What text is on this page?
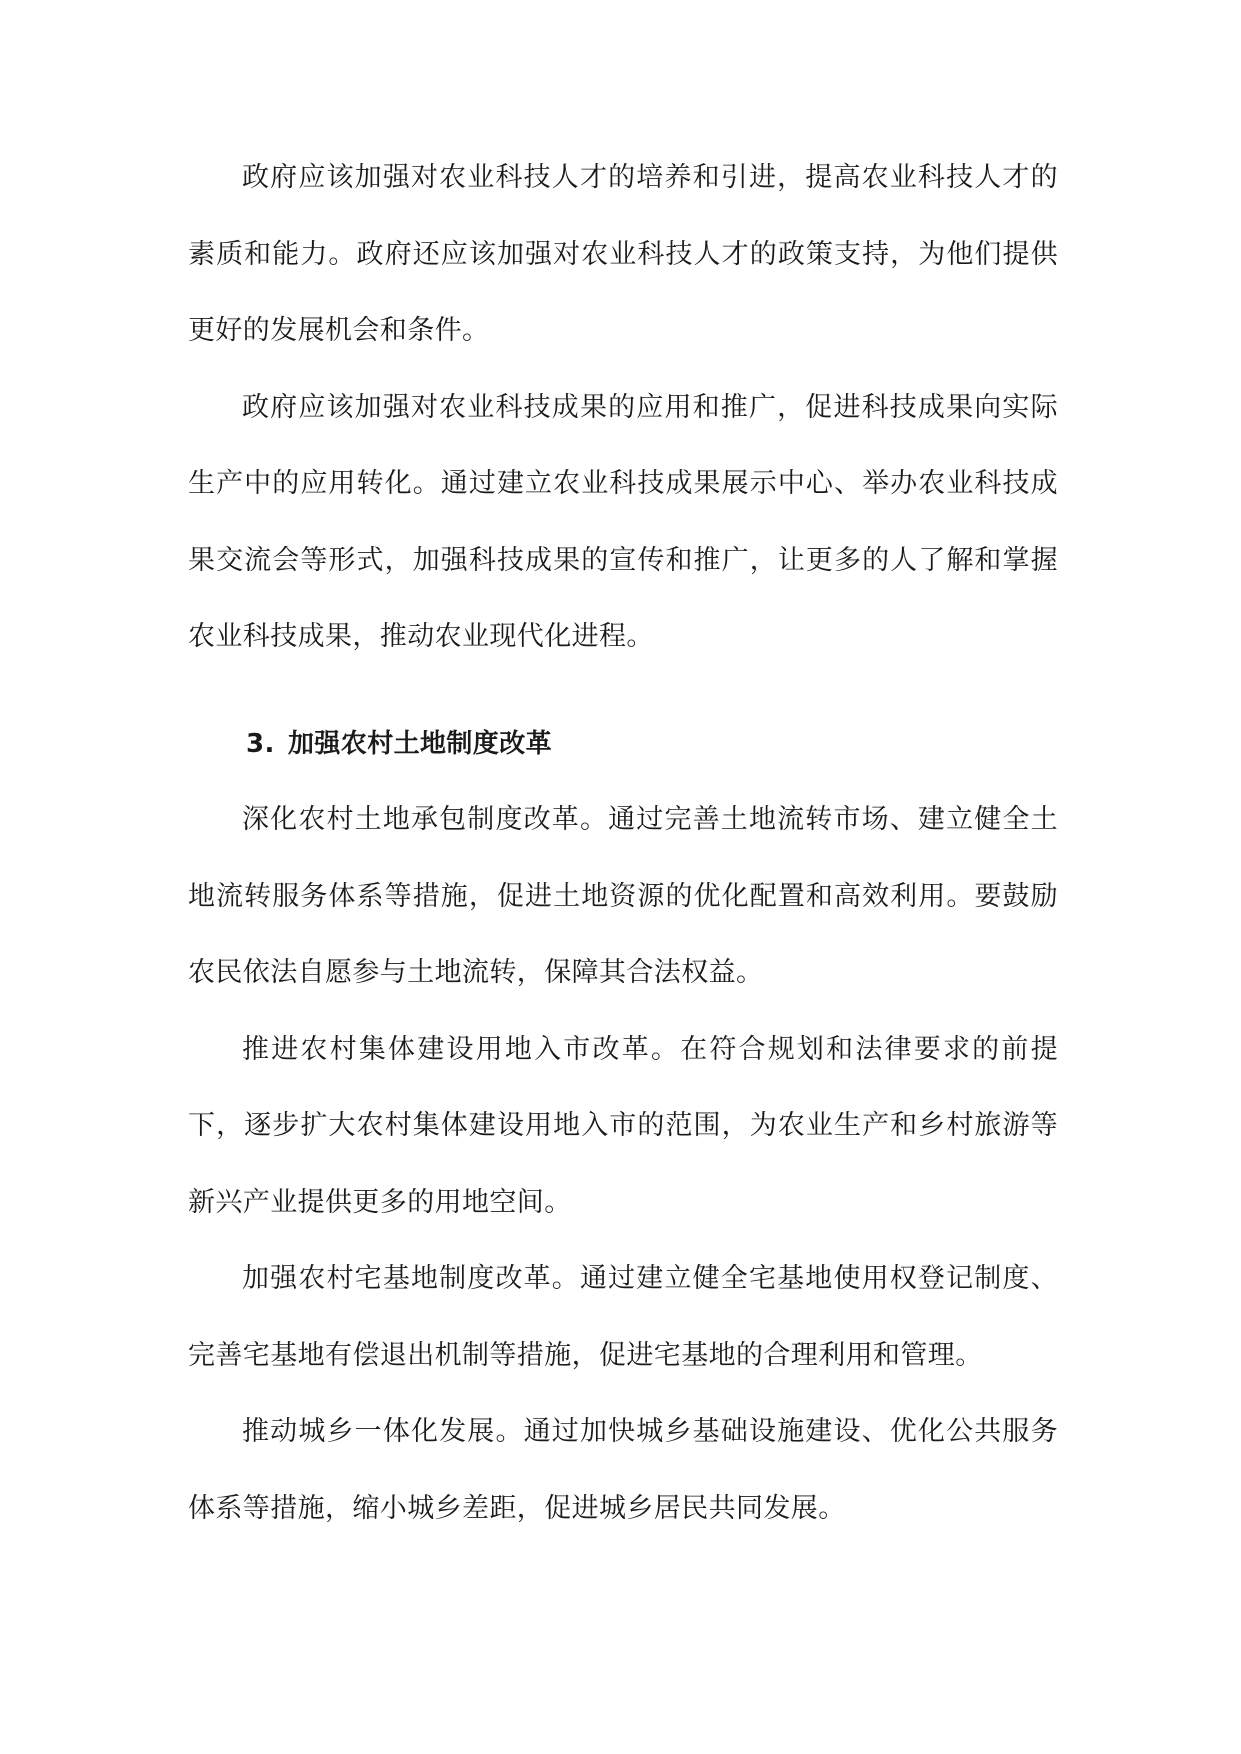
政府应该加强对农业科技人才的培养和引进，提高农业科技人才的素质和能力。政府还应该加强对农业科技人才的政策支持，为他们提供更好的发展机会和条件。

政府应该加强对农业科技成果的应用和推广，促进科技成果向实际生产中的应用转化。通过建立农业科技成果展示中心、举办农业科技成果交流会等形式，加强科技成果的宣传和推广，让更多的人了解和掌握农业科技成果，推动农业现代化进程。

3. 加强农村土地制度改革

深化农村土地承包制度改革。通过完善土地流转市场、建立健全土地流转服务体系等措施，促进土地资源的优化配置和高效利用。要鼓励农民依法自愿参与土地流转，保障其合法权益。

推进农村集体建设用地入市改革。在符合规划和法律要求的前提下，逐步扩大农村集体建设用地入市的范围，为农业生产和乡村旅游等新兴产业提供更多的用地空间。

加强农村宅基地制度改革。通过建立健全宅基地使用权登记制度、完善宅基地有偿退出机制等措施，促进宅基地的合理利用和管理。

推动城乡一体化发展。通过加快城乡基础设施建设、优化公共服务体系等措施，缩小城乡差距，促进城乡居民共同发展。
